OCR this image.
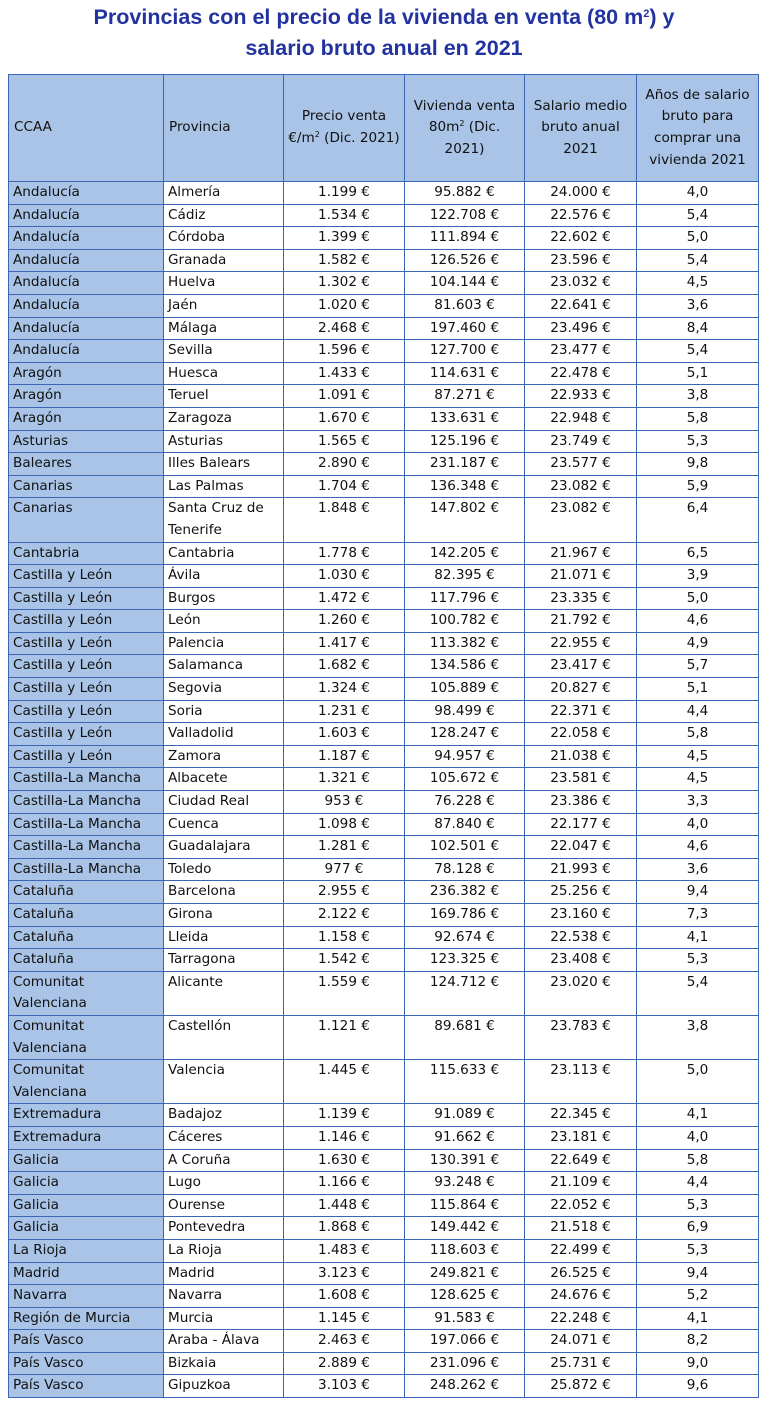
Provincias con el precio de la vivienda en venta (80 $m^2$) y
salario bruto anual en 2021
CCAA	Provincia	Precio venta $€/m^2$ (Dic. 2021)	Vivienda venta $80m^2$ (Dic. 2021)	Salario medio bruto anual 2021	Años de salario bruto para comprar una vivienda 2021
Andalucía	Almería	1.199 €	95.882 €	24.000 €	4,0
Andalucía	Cádiz	1.534 €	122.708 €	22.576 €	5,4
Andalucía	Córdoba	1.399 €	111.894 €	22.602 €	5,0
Andalucía	Granada	1.582 €	126.526 €	23.596 €	5,4
Andalucía	Huelva	1.302 €	104.144 €	23.032 €	4,5
Andalucía	Jaén	1.020 €	81.603 €	22.641 €	3,6
Andalucía	Málaga	2.468 €	197.460 €	23.496 €	8,4
Andalucía	Sevilla	1.596 €	127.700 €	23.477 €	5,4
Aragón	Huesca	1.433 €	114.631 €	22.478 €	5,1
Aragón	Teruel	1.091 €	87.271 €	22.933 €	3,8
Aragón	Zaragoza	1.670 €	133.631 €	22.948 €	5,8
Asturias	Asturias	1.565 €	125.196 €	23.749 €	5,3
Baleares	Illes Balears	2.890 €	231.187 €	23.577 €	9,8
Canarias	Las Palmas	1.704 €	136.348 €	23.082 €	5,9
Canarias	Santa Cruz de Tenerife	1.848 €	147.802 €	23.082 €	6,4
Cantabria	Cantabria	1.778 €	142.205 €	21.967 €	6,5
Castilla y León	Ávila	1.030 €	82.395 €	21.071 €	3,9
Castilla y León	Burgos	1.472 €	117.796 €	23.335 €	5,0
Castilla y León	León	1.260 €	100.782 €	21.792 €	4,6
Castilla y León	Palencia	1.417 €	113.382 €	22.955 €	4,9
Castilla y León	Salamanca	1.682 €	134.586 €	23.417 €	5,7
Castilla y León	Segovia	1.324 €	105.889 €	20.827 €	5,1
Castilla y León	Soria	1.231 €	98.499 €	22.371 €	4,4
Castilla y León	Valladolid	1.603 €	128.247 €	22.058 €	5,8
Castilla y León	Zamora	1.187 €	94.957 €	21.038 €	4,5
Castilla-La Mancha	Albacete	1.321 €	105.672 €	23.581 €	4,5
Castilla-La Mancha	Ciudad Real	953 €	76.228 €	23.386 €	3,3
Castilla-La Mancha	Cuenca	1.098 €	87.840 €	22.177 €	4,0
Castilla-La Mancha	Guadalajara	1.281 €	102.501 €	22.047 €	4,6
Castilla-La Mancha	Toledo	977 €	78.128 €	21.993 €	3,6
Cataluña	Barcelona	2.955 €	236.382 €	25.256 €	9,4
Cataluña	Girona	2.122 €	169.786 €	23.160 €	7,3
Cataluña	Lleida	1.158 €	92.674 €	22.538 €	4,1
Cataluña	Tarragona	1.542 €	123.325 €	23.408 €	5,3
Comunitat Valenciana	Alicante	1.559 €	124.712 €	23.020 €	5,4
Comunitat Valenciana	Castellón	1.121 €	89.681 €	23.783 €	3,8
Comunitat Valenciana	Valencia	1.445 €	115.633 €	23.113 €	5,0
Extremadura	Badajoz	1.139 €	91.089 €	22.345 €	4,1
Extremadura	Cáceres	1.146 €	91.662 €	23.181 €	4,0
Galicia	A Coruña	1.630 €	130.391 €	22.649 €	5,8
Galicia	Lugo	1.166 €	93.248 €	21.109 €	4,4
Galicia	Ourense	1.448 €	115.864 €	22.052 €	5,3
Galicia	Pontevedra	1.868 €	149.442 €	21.518 €	6,9
La Rioja	La Rioja	1.483 €	118.603 €	22.499 €	5,3
Madrid	Madrid	3.123 €	249.821 €	26.525 €	9,4
Navarra	Navarra	1.608 €	128.625 €	24.676 €	5,2
Región de Murcia	Murcia	1.145 €	91.583 €	22.248 €	4,1
País Vasco	Araba - Álava	2.463 €	197.066 €	24.071 €	8,2
País Vasco	Bizkaia	2.889 €	231.096 €	25.731 €	9,0
País Vasco	Gipuzkoa	3.103 €	248.262 €	25.872 €	9,6
